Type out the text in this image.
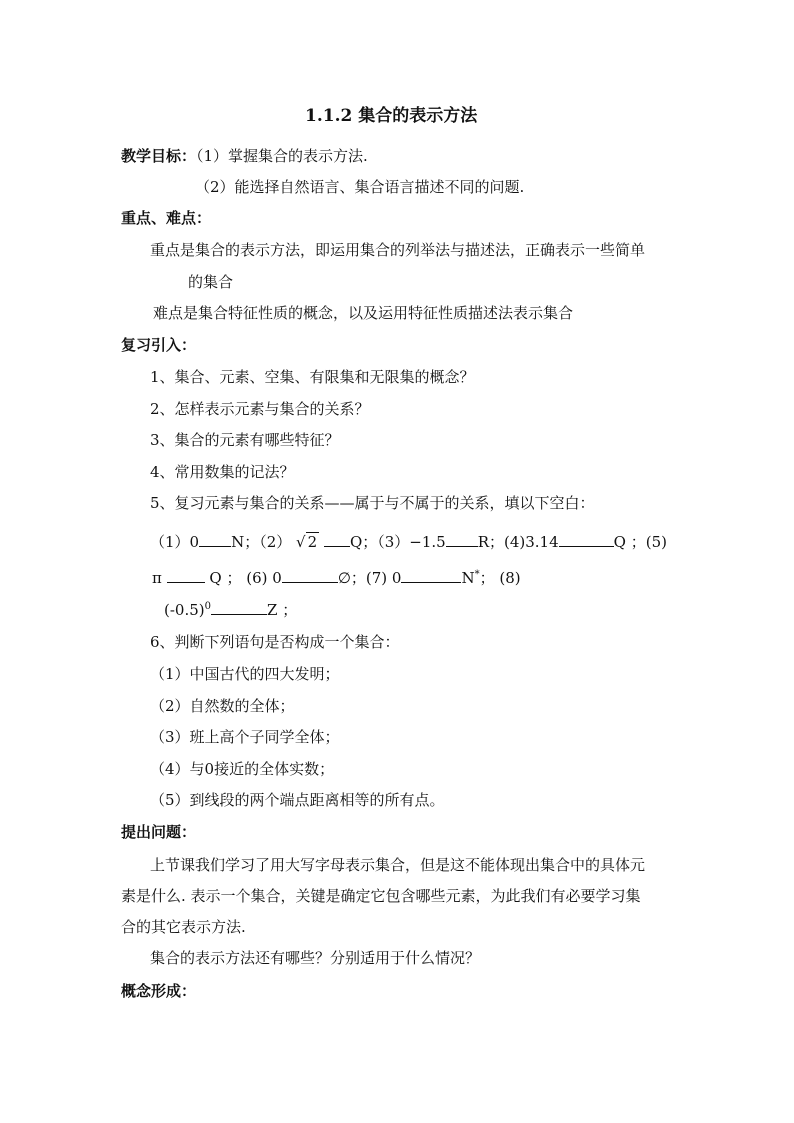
1.1.2 集合的表示方法
教学目标：（1）掌握集合的表示方法.
（2）能选择自然语言、集合语言描述不同的问题.
重点、难点：
重点是集合的表示方法，即运用集合的列举法与描述法，正确表示一些简单
的集合
难点是集合特征性质的概念，以及运用特征性质描述法表示集合
复习引入：
1、集合、元素、空集、有限集和无限集的概念？
2、怎样表示元素与集合的关系？
3、集合的元素有哪些特征？
4、常用数集的记法？
5、复习元素与集合的关系——属于与不属于的关系，填以下空白：
（1）0 N；（2） √ 2 Q；（3）−1.5 R；(4)3.14	Q ；(5)
π	Q ； (6) 0	∅；(7) 0	N*； (8)
$(-0.5)^0$	Z ；
6、判断下列语句是否构成一个集合：
（1）中国古代的四大发明；
（2）自然数的全体；
（3）班上高个子同学全体；
（4）与0接近的全体实数；
（5）到线段的两个端点距离相等的所有点。
提出问题：
上节课我们学习了用大写字母表示集合，但是这不能体现出集合中的具体元
素是什么. 表示一个集合，关键是确定它包含哪些元素，为此我们有必要学习集
合的其它表示方法.
集合的表示方法还有哪些？分别适用于什么情况？
概念形成：
